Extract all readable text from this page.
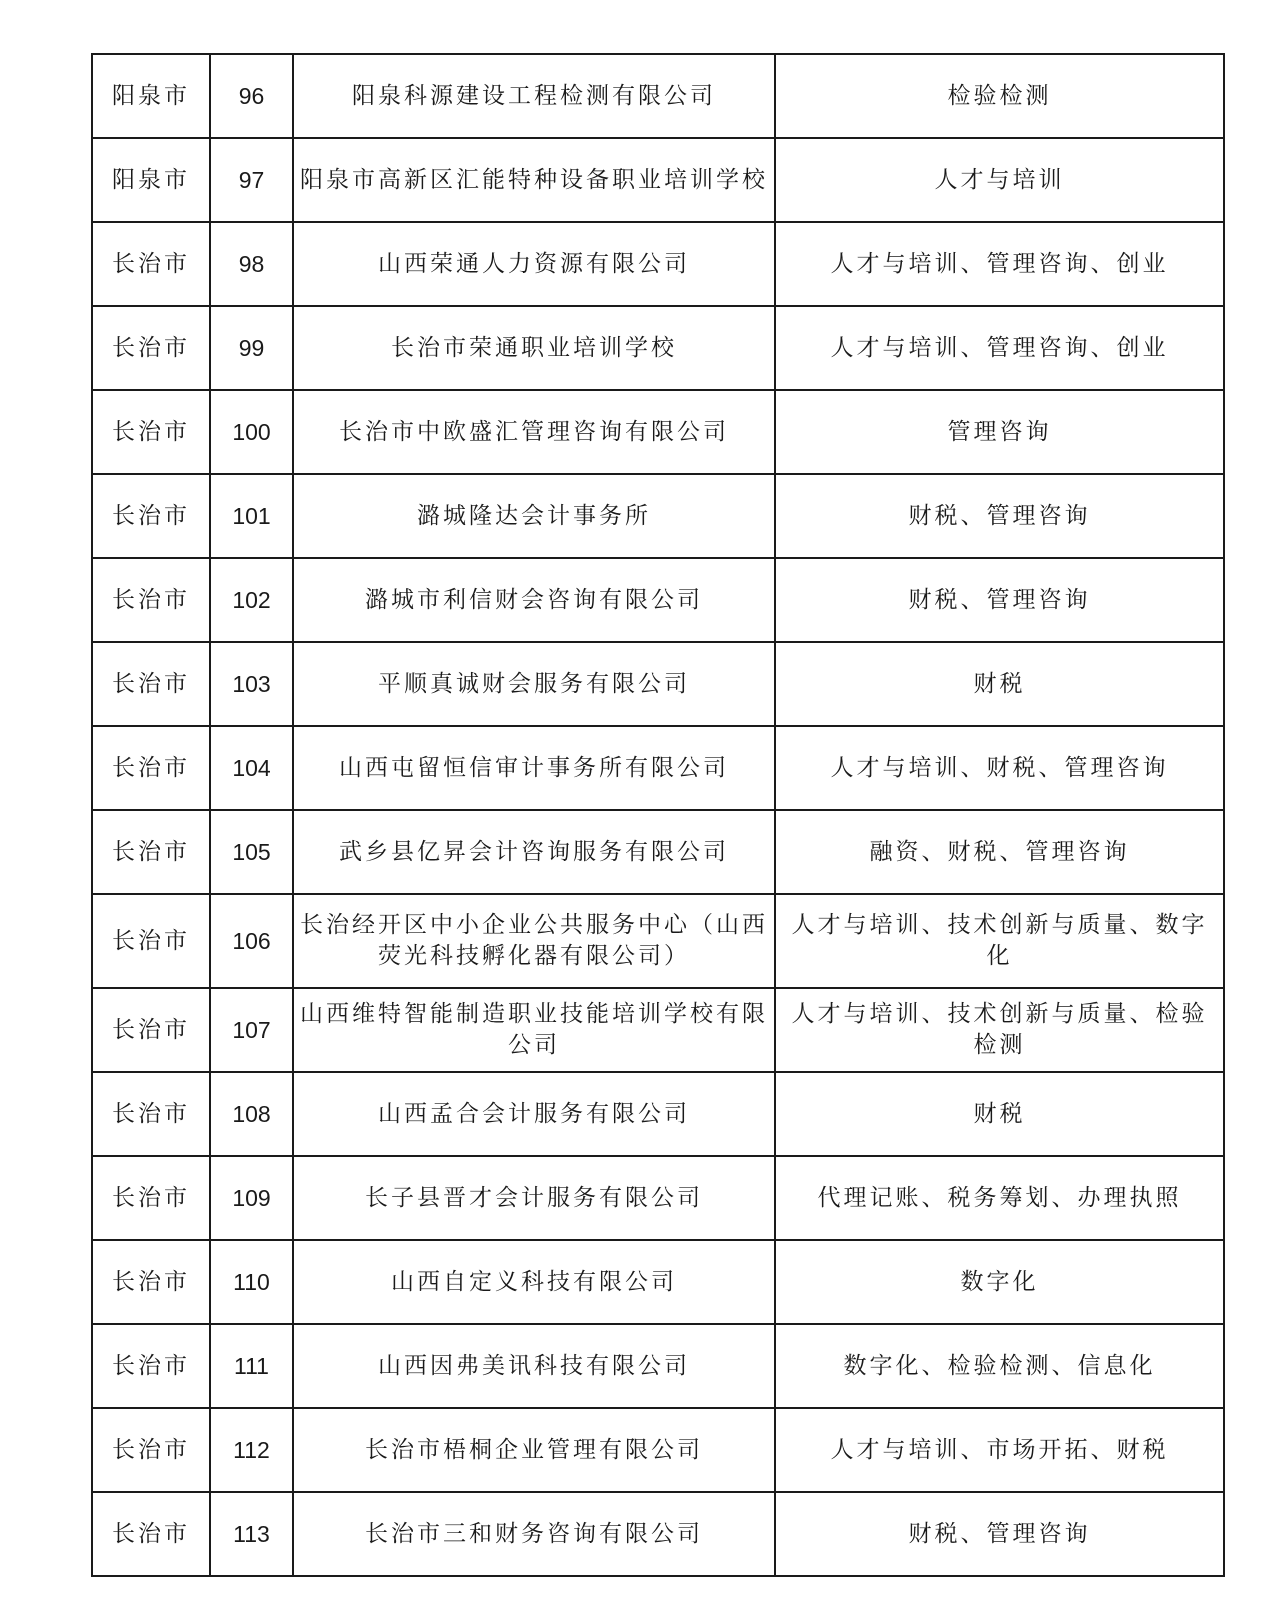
阳泉市	96	阳泉科源建设工程检测有限公司	检验检测
阳泉市	97	阳泉市高新区汇能特种设备职业培训学校	人才与培训
长治市	98	山西荣通人力资源有限公司	人才与培训、管理咨询、创业
长治市	99	长治市荣通职业培训学校	人才与培训、管理咨询、创业
长治市	100	长治市中欧盛汇管理咨询有限公司	管理咨询
长治市	101	潞城隆达会计事务所	财税、管理咨询
长治市	102	潞城市利信财会咨询有限公司	财税、管理咨询
长治市	103	平顺真诚财会服务有限公司	财税
长治市	104	山西屯留恒信审计事务所有限公司	人才与培训、财税、管理咨询
长治市	105	武乡县亿昇会计咨询服务有限公司	融资、财税、管理咨询
长治市	106	长治经开区中小企业公共服务中心（山西荧光科技孵化器有限公司）	人才与培训、技术创新与质量、数字化
长治市	107	山西维特智能制造职业技能培训学校有限公司	人才与培训、技术创新与质量、检验检测
长治市	108	山西孟合会计服务有限公司	财税
长治市	109	长子县晋才会计服务有限公司	代理记账、税务筹划、办理执照
长治市	110	山西自定义科技有限公司	数字化
长治市	111	山西因弗美讯科技有限公司	数字化、检验检测、信息化
长治市	112	长治市梧桐企业管理有限公司	人才与培训、市场开拓、财税
长治市	113	长治市三和财务咨询有限公司	财税、管理咨询
